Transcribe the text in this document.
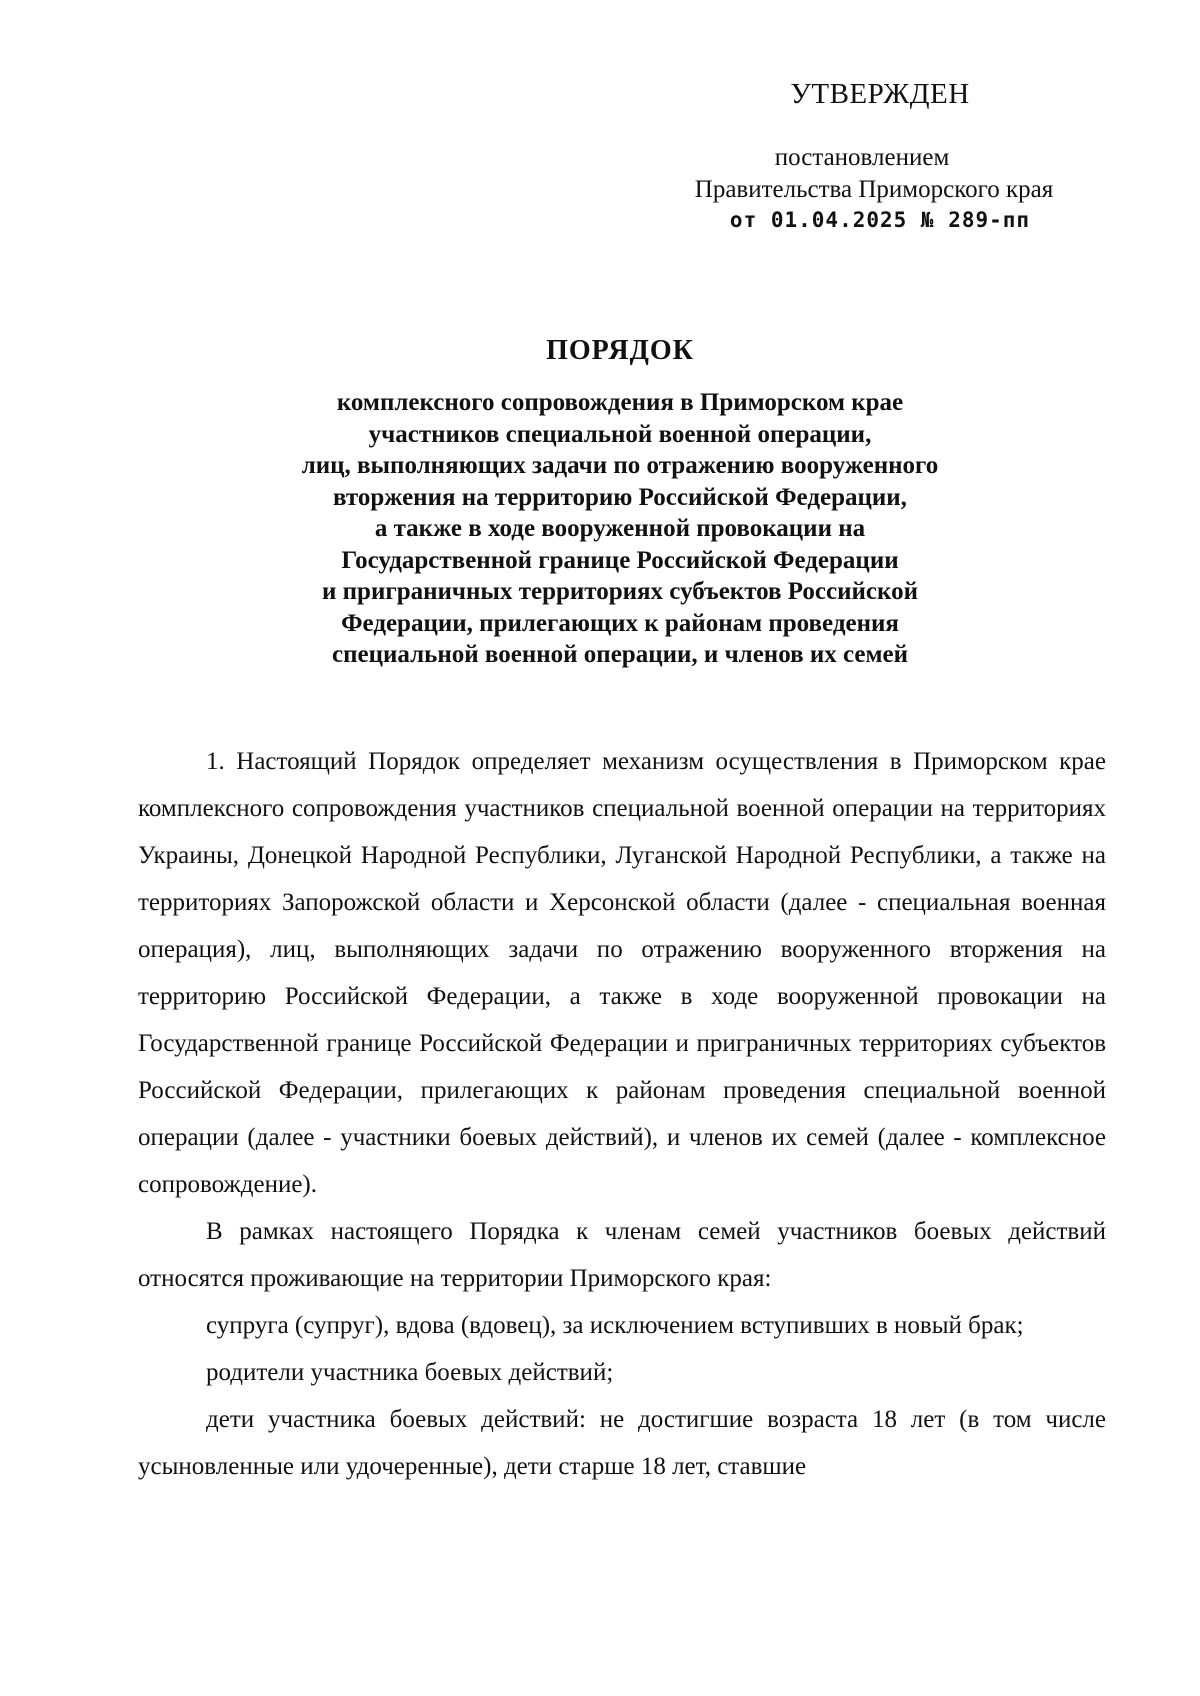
УТВЕРЖДЕН
постановлением
Правительства Приморского края
от 01.04.2025 № 289-пп
ПОРЯДОК
комплексного сопровождения в Приморском крае
участников специальной военной операции,
лиц, выполняющих задачи по отражению вооруженного
вторжения на территорию Российской Федерации,
а также в ходе вооруженной провокации на
Государственной границе Российской Федерации
и приграничных территориях субъектов Российской
Федерации, прилегающих к районам проведения
специальной военной операции, и членов их семей

1. Настоящий Порядок определяет механизм осуществления в Приморском крае комплексного сопровождения участников специальной военной операции на территориях Украины, Донецкой Народной Республики, Луганской Народной Республики, а также на территориях Запорожской области и Херсонской области (далее - специальная военная операция), лиц, выполняющих задачи по отражению вооруженного вторжения на территорию Российской Федерации, а также в ходе вооруженной провокации на Государственной границе Российской Федерации и приграничных территориях субъектов Российской Федерации, прилегающих к районам проведения специальной военной операции (далее - участники боевых действий), и членов их семей (далее - комплексное сопровождение).

В рамках настоящего Порядка к членам семей участников боевых действий относятся проживающие на территории Приморского края:

супруга (супруг), вдова (вдовец), за исключением вступивших в новый брак;

родители участника боевых действий;

дети участника боевых действий: не достигшие возраста 18 лет (в том числе усыновленные или удочеренные), дети старше 18 лет, ставшие
